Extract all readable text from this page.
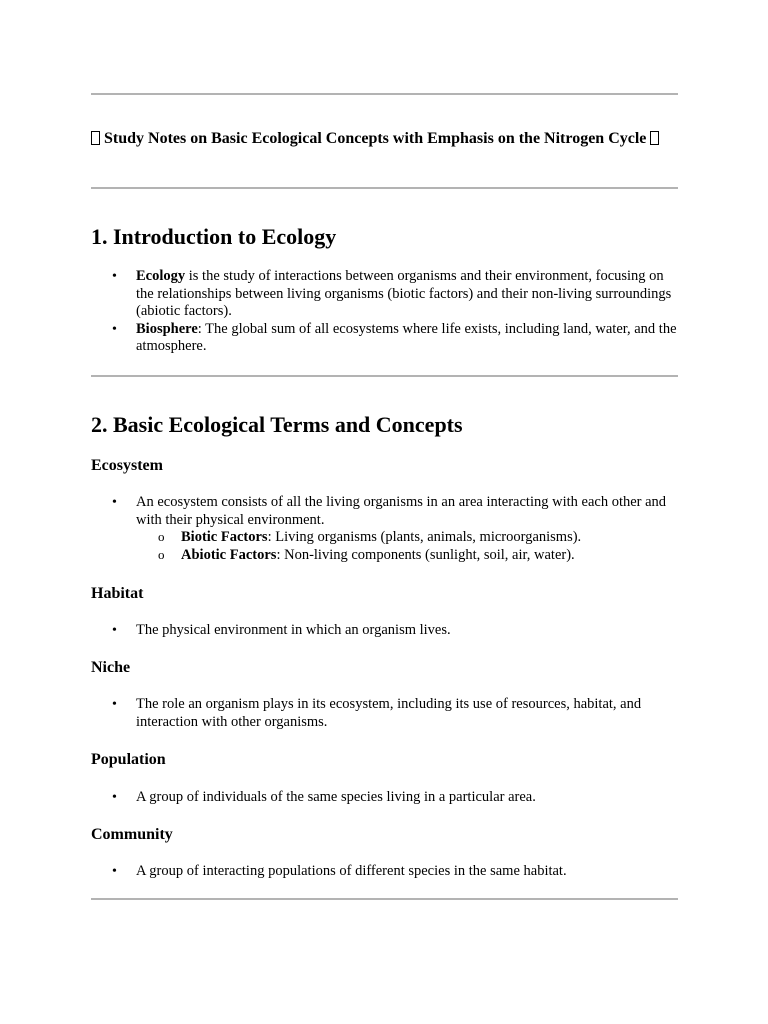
Study Notes on Basic Ecological Concepts with Emphasis on the Nitrogen Cycle
1. Introduction to Ecology
• Ecology is the study of interactions between organisms and their environment, focusing on the relationships between living organisms (biotic factors) and their non-living surroundings (abiotic factors).
• Biosphere: The global sum of all ecosystems where life exists, including land, water, and the atmosphere.
2. Basic Ecological Terms and Concepts
Ecosystem
• An ecosystem consists of all the living organisms in an area interacting with each other and with their physical environment.
o Biotic Factors: Living organisms (plants, animals, microorganisms).
o Abiotic Factors: Non-living components (sunlight, soil, air, water).
Habitat
• The physical environment in which an organism lives.
Niche
• The role an organism plays in its ecosystem, including its use of resources, habitat, and interaction with other organisms.
Population
• A group of individuals of the same species living in a particular area.
Community
• A group of interacting populations of different species in the same habitat.
